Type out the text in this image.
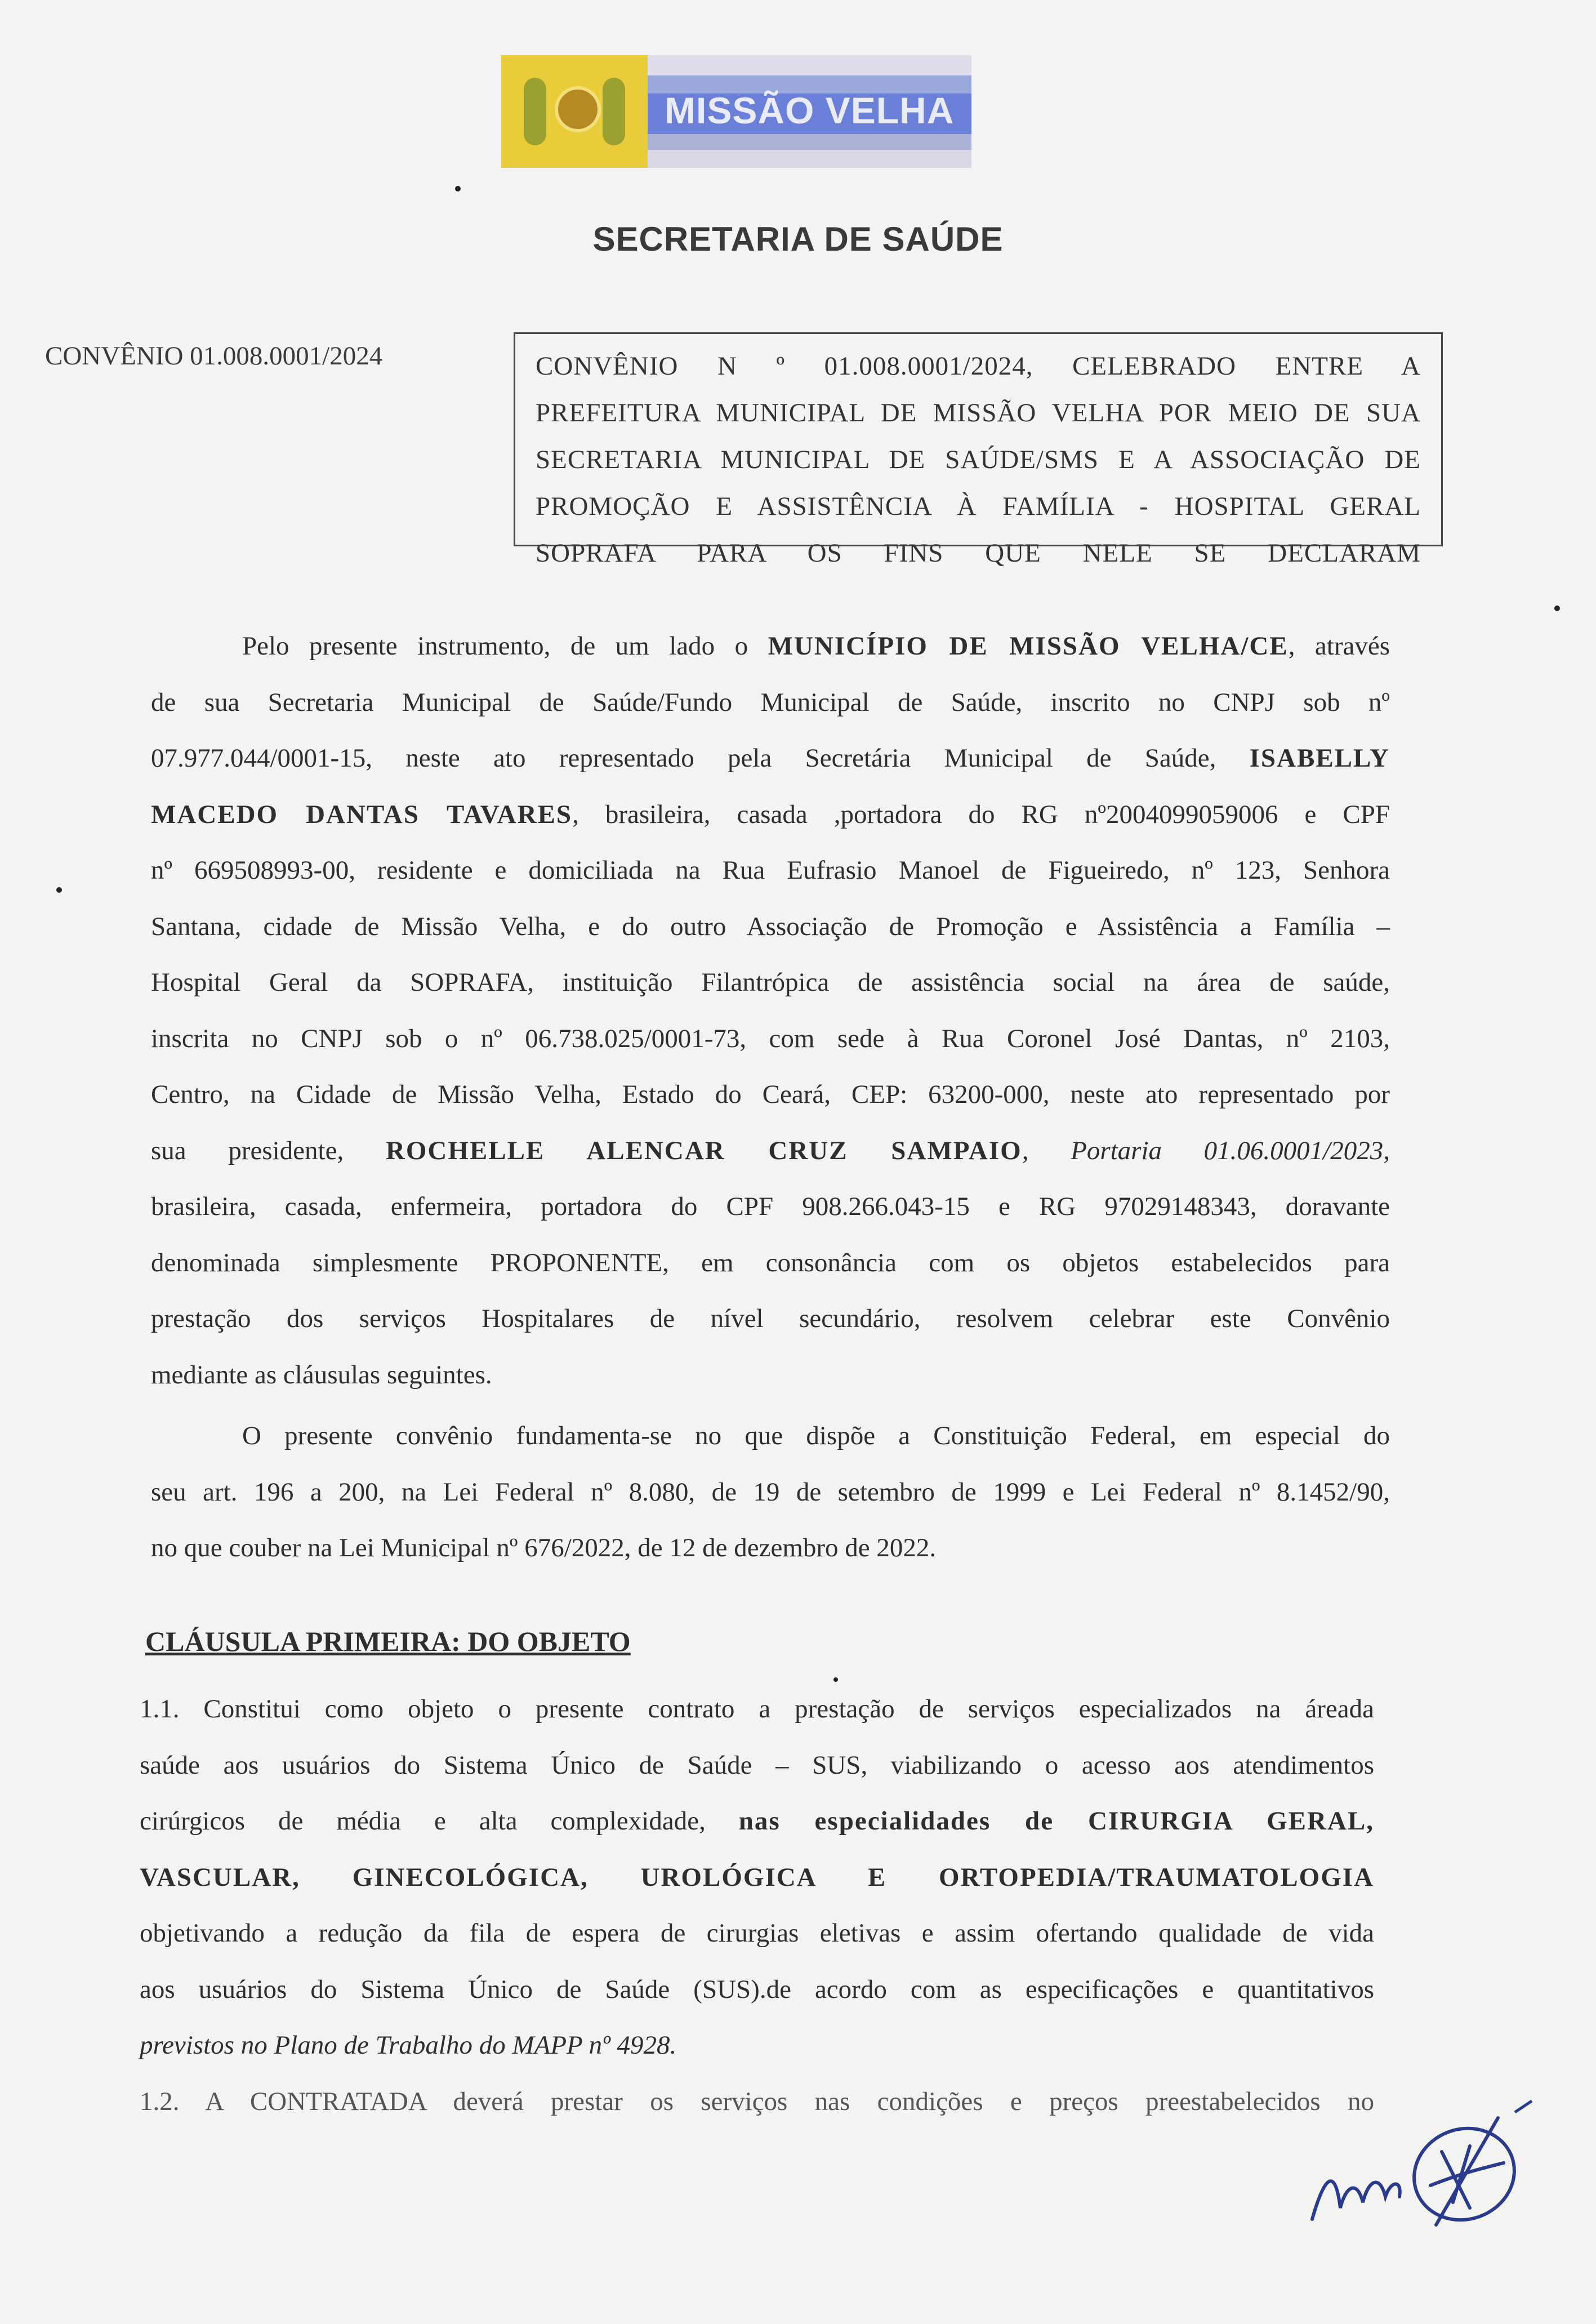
MISSÃO VELHA
SECRETARIA DE SAÚDE
CONVÊNIO 01.008.0001/2024	CONVÊNIO N º 01.008.0001/2024, CELEBRADO ENTRE A
PREFEITURA MUNICIPAL DE MISSÃO VELHA POR MEIO DE SUA
SECRETARIA MUNICIPAL DE SAÚDE/SMS E A ASSOCIAÇÃO DE
PROMOÇÃO E ASSISTÊNCIA À FAMÍLIA - HOSPITAL GERAL
SOPRAFA PARA OS FINS QUE NELE SE DECLARAM
Pelo presente instrumento, de um lado o MUNICÍPIO DE MISSÃO VELHA/CE, através
de sua Secretaria Municipal de Saúde/Fundo Municipal de Saúde, inscrito no CNPJ sob nº
07.977.044/0001-15, neste ato representado pela Secretária Municipal de Saúde, ISABELLY
MACEDO DANTAS TAVARES, brasileira, casada ,portadora do RG nº2004099059006 e CPF
nº 669508993-00, residente e domiciliada na Rua Eufrasio Manoel de Figueiredo, nº 123, Senhora
Santana, cidade de Missão Velha, e do outro Associação de Promoção e Assistência a Família –
Hospital Geral da SOPRAFA, instituição Filantrópica de assistência social na área de saúde,
inscrita no CNPJ sob o nº 06.738.025/0001-73, com sede à Rua Coronel José Dantas, nº 2103,
Centro, na Cidade de Missão Velha, Estado do Ceará, CEP: 63200-000, neste ato representado por
sua presidente, ROCHELLE ALENCAR CRUZ SAMPAIO, Portaria 01.06.0001/2023,
brasileira, casada, enfermeira, portadora do CPF 908.266.043-15 e RG 97029148343, doravante
denominada simplesmente PROPONENTE, em consonância com os objetos estabelecidos para
prestação dos serviços Hospitalares de nível secundário, resolvem celebrar este Convênio
mediante as cláusulas seguintes.
O presente convênio fundamenta-se no que dispõe a Constituição Federal, em especial do
seu art. 196 a 200, na Lei Federal nº 8.080, de 19 de setembro de 1999 e Lei Federal nº 8.1452/90,
no que couber na Lei Municipal nº 676/2022, de 12 de dezembro de 2022.
CLÁUSULA PRIMEIRA: DO OBJETO
1.1. Constitui como objeto o presente contrato a prestação de serviços especializados na áreada
saúde aos usuários do Sistema Único de Saúde – SUS, viabilizando o acesso aos atendimentos
cirúrgicos de média e alta complexidade, nas especialidades de CIRURGIA GERAL,
VASCULAR, GINECOLÓGICA, UROLÓGICA E ORTOPEDIA/TRAUMATOLOGIA
objetivando a redução da fila de espera de cirurgias eletivas e assim ofertando qualidade de vida
aos usuários do Sistema Único de Saúde (SUS).de acordo com as especificações e quantitativos
previstos no Plano de Trabalho do MAPP nº 4928.
1.2. A CONTRATADA deverá prestar os serviços nas condições e preços preestabelecidos no
